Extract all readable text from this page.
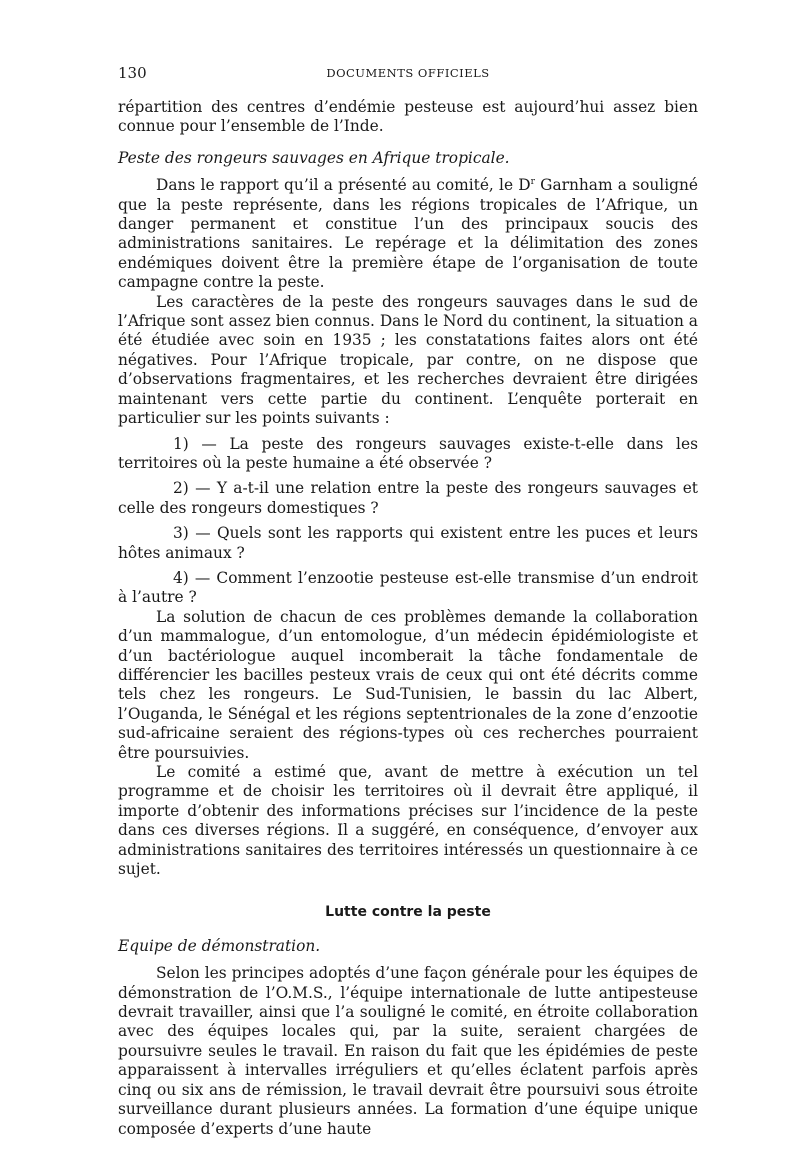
130	DOCUMENTS OFFICIELS

répartition des centres d’endémie pesteuse est aujourd’hui assez bien connue pour l’ensemble de l’Inde.

Peste des rongeurs sauvages en Afrique tropicale.

Dans le rapport qu’il a présenté au comité, le $D^r$ Garnham a souligné que la peste représente, dans les régions tropicales de l’Afrique, un danger permanent et constitue l’un des principaux soucis des administrations sanitaires. Le repérage et la délimitation des zones endémiques doivent être la première étape de l’organisation de toute campagne contre la peste.

Les caractères de la peste des rongeurs sauvages dans le sud de l’Afrique sont assez bien connus. Dans le Nord du continent, la situation a été étudiée avec soin en 1935 ; les constatations faites alors ont été négatives. Pour l’Afrique tropicale, par contre, on ne dispose que d’observations fragmentaires, et les recherches devraient être dirigées maintenant vers cette partie du continent. L’enquête porterait en particulier sur les points suivants :

1) — La peste des rongeurs sauvages existe-t-elle dans les territoires où la peste humaine a été observée ?

2) — Y a-t-il une relation entre la peste des rongeurs sauvages et celle des rongeurs domestiques ?

3) — Quels sont les rapports qui existent entre les puces et leurs hôtes animaux ?

4) — Comment l’enzootie pesteuse est-elle transmise d’un endroit à l’autre ?

La solution de chacun de ces problèmes demande la collaboration d’un mammalogue, d’un entomologue, d’un médecin épidémiologiste et d’un bactériologue auquel incomberait la tâche fondamentale de différencier les bacilles pesteux vrais de ceux qui ont été décrits comme tels chez les rongeurs. Le Sud-Tunisien, le bassin du lac Albert, l’Ouganda, le Sénégal et les régions septentrionales de la zone d’enzootie sud-africaine seraient des régions-types où ces recherches pourraient être poursuivies.

Le comité a estimé que, avant de mettre à exécution un tel programme et de choisir les territoires où il devrait être appliqué, il importe d’obtenir des informations précises sur l’incidence de la peste dans ces diverses régions. Il a suggéré, en conséquence, d’envoyer aux administrations sanitaires des territoires intéressés un questionnaire à ce sujet.

Lutte contre la peste

Equipe de démonstration.

Selon les principes adoptés d’une façon générale pour les équipes de démonstration de l’O.M.S., l’équipe internationale de lutte antipesteuse devrait travailler, ainsi que l’a souligné le comité, en étroite collaboration avec des équipes locales qui, par la suite, seraient chargées de poursuivre seules le travail. En raison du fait que les épidémies de peste apparaissent à intervalles irréguliers et qu’elles éclatent parfois après cinq ou six ans de rémission, le travail devrait être poursuivi sous étroite surveillance durant plusieurs années. La formation d’une équipe unique composée d’experts d’une haute
